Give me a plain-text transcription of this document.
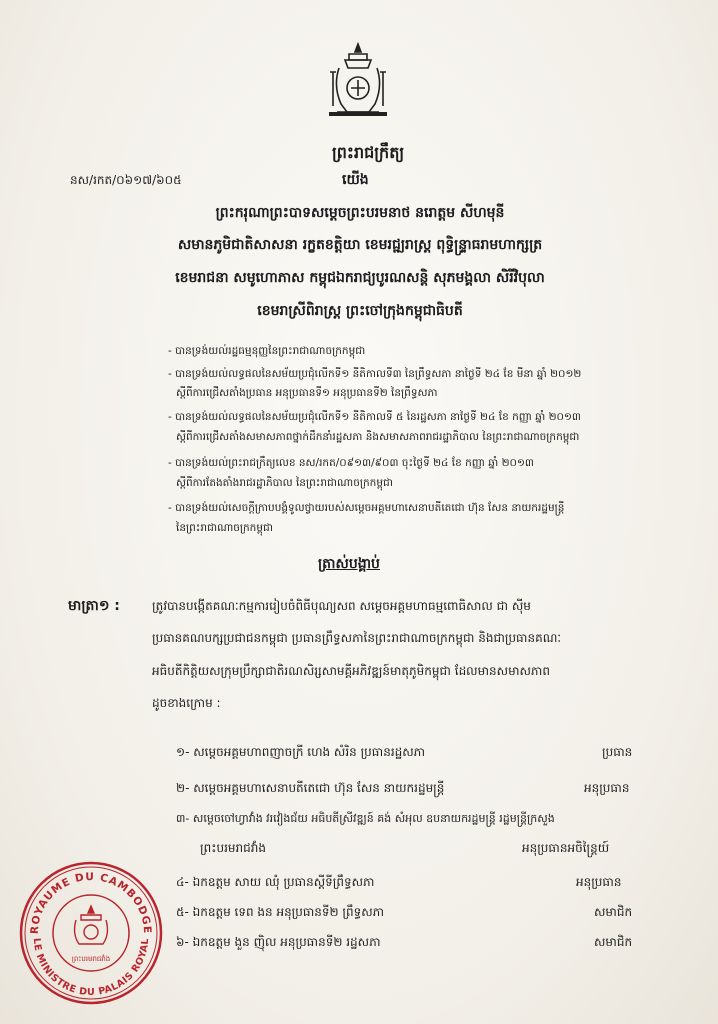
ព្រះរាជក្រឹត្យ
នស/រកត/០៦១៧/៦០៥	យើង
ព្រះករុណាព្រះបាទសម្ដេចព្រះបរមនាថ នរោត្តម សីហមុនី
សមានភូមិជាតិសាសនា រក្ខតខត្តិយា ខេមរជ្ឍរាស្ត្រ ពុទ្ធិន្ទ្រាធរាមហាក្សត្រ
ខេមរាជនា សមូហោភាស កម្ពុជឯករាជ្យបូរណសន្តិ សុភមង្គលា សិរីវិបុលា
ខេមរាស្រីពិរាស្ត្រ ព្រះចៅក្រុងកម្ពុជាធិបតី
- បានទ្រង់យល់រដ្ឋធម្មនុញ្ញនៃព្រះរាជាណាចក្រកម្ពុជា
- បានទ្រង់យល់លទ្ធផលនៃសម័យប្រជុំលើកទី១ នីតិកាលទី៣ នៃព្រឹទ្ធសភា នាថ្ងៃទី ២៤ ខែ មីនា ឆ្នាំ ២០១២
ស្ដីពីការជ្រើសតាំងប្រធាន អនុប្រធានទី១ អនុប្រធានទី២ នៃព្រឹទ្ធសភា
- បានទ្រង់យល់លទ្ធផលនៃសម័យប្រជុំលើកទី១ នីតិកាលទី ៥ នៃរដ្ឋសភា នាថ្ងៃទី ២៤ ខែ កញ្ញា ឆ្នាំ ២០១៣
ស្ដីពីការជ្រើសតាំងសមាសភាពថ្នាក់ដឹកនាំរដ្ឋសភា និងសមាសភាពរាជរដ្ឋាភិបាល នៃព្រះរាជាណាចក្រកម្ពុជា
- បានទ្រង់យល់ព្រះរាជក្រឹត្យលេខ នស/រកត/០៩១៣/៩០៣ ចុះថ្ងៃទី ២៤ ខែ កញ្ញា ឆ្នាំ ២០១៣
ស្ដីពីការតែងតាំងរាជរដ្ឋាភិបាល នៃព្រះរាជាណាចក្រកម្ពុជា
- បានទ្រង់យល់សេចក្ដីក្រាបបង្គំទូលថ្វាយរបស់សម្ដេចអគ្គមហាសេនាបតីតេជោ ហ៊ុន សែន នាយករដ្ឋមន្ត្រី
នៃព្រះរាជាណាចក្រកម្ពុជា
ត្រាស់បង្គាប់
មាត្រា១ :	ត្រូវបានបង្កើតគណៈកម្មការរៀបចំពិធីបុណ្យសព សម្ដេចអគ្គមហាធម្មពោធិសាល ជា ស៊ីម
ប្រធានគណបក្សប្រជាជនកម្ពុជា ប្រធានព្រឹទ្ធសភានៃព្រះរាជាណាចក្រកម្ពុជា និងជាប្រធានគណៈ
អធិបតីកិត្តិយសក្រុមប្រឹក្សាជាតិរណសិរ្សសាមគ្គីអភិវឌ្ឍន៍មាតុភូមិកម្ពុជា ដែលមានសមាសភាព
ដូចខាងក្រោម :
១- សម្ដេចអគ្គមហាពញាចក្រី ហេង សំរិន ប្រធានរដ្ឋសភា	ប្រធាន
២- សម្ដេចអគ្គមហាសេនាបតីតេជោ ហ៊ុន សែន នាយករដ្ឋមន្ត្រី	អនុប្រធាន
៣- សម្ដេចចៅហ្វាវាំង វរវៀងជ័យ អធិបតីស្រីវឌ្ឍន៍ គង់ សំអុល ឧបនាយករដ្ឋមន្ត្រី រដ្ឋមន្ត្រីក្រសួង
ព្រះបរមរាជវាំង	អនុប្រធានអចិន្ត្រៃយ៍
៤- ឯកឧត្តម សាយ ឈុំ ប្រធានស្ដីទីព្រឹទ្ធសភា	អនុប្រធាន
៥- ឯកឧត្តម ទេព ងន អនុប្រធានទី២ ព្រឹទ្ធសភា	សមាជិក
៦- ឯកឧត្តម ងួន ញ៉ិល អនុប្រធានទី២ រដ្ឋសភា	សមាជិក
ROYAUME DU CAMBODGE
LE MINISTRE DU PALAIS ROYAL
ព្រះបរមរាជវាំង
